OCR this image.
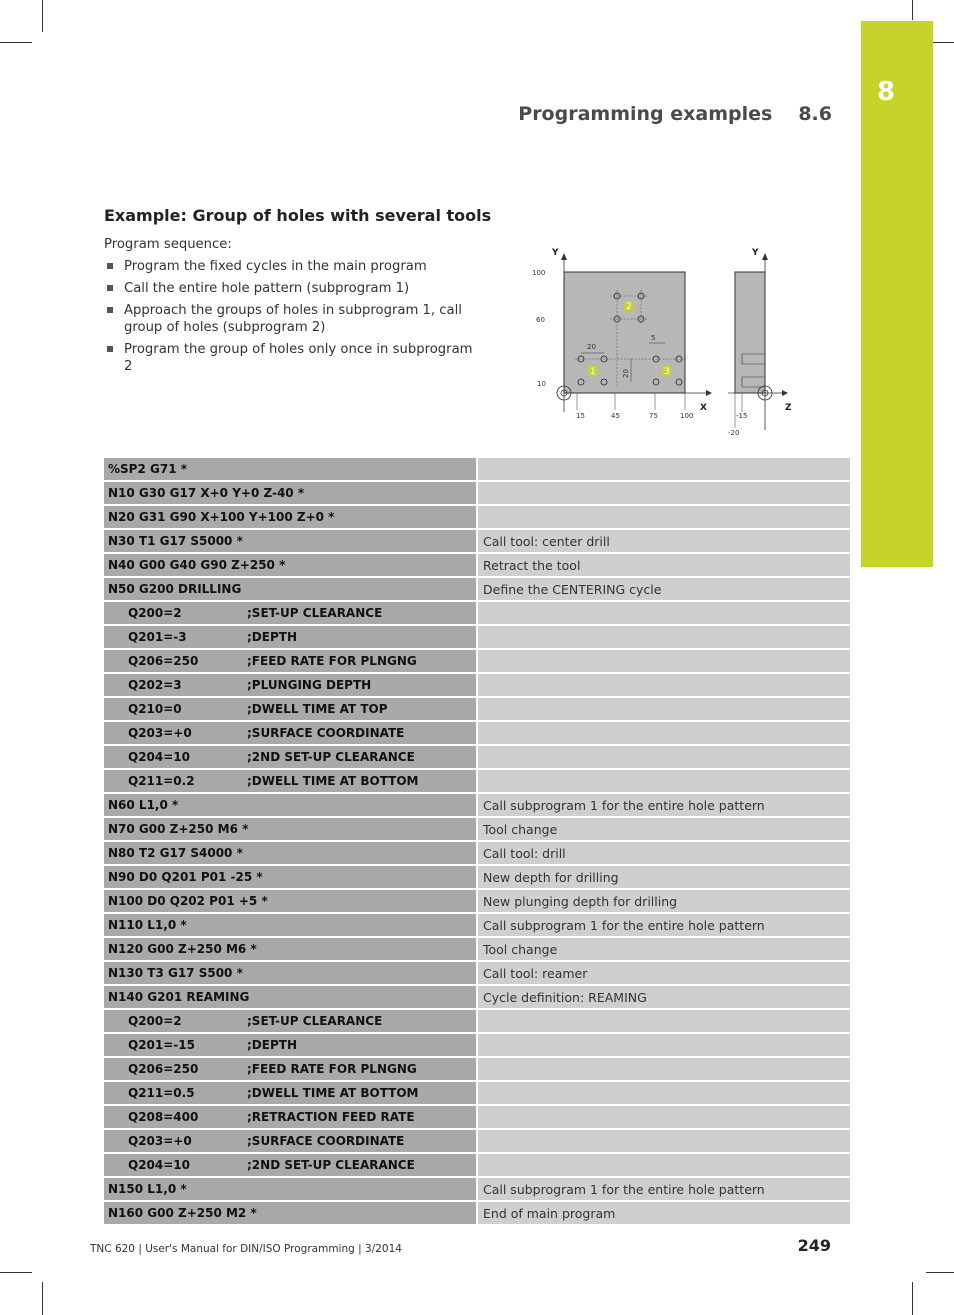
8
Programming examples 8.6
Example: Group of holes with several tools
Program sequence:
Program the fixed cycles in the main program
Call the entire hole pattern (subprogram 1)
Approach the groups of holes in subprogram 1, call group of holes (subprogram 2)
Program the group of holes only once in subprogram 2
Y
X
100
60
10
15	45	75	100
20
20
5
1
2
3
Y
Z
-15
-20
%SP2 G71 *	

N10 G30 G17 X+0 Y+0 Z-40 *	

N20 G31 G90 X+100 Y+100 Z+0 *	

N30 T1 G17 S5000 *	Call tool: center drill

N40 G00 G40 G90 Z+250 *	Retract the tool

N50 G200 DRILLING	Define the CENTERING cycle

Q200=2 ;SET-UP CLEARANCE	

Q201=-3 ;DEPTH	

Q206=250 ;FEED RATE FOR PLNGNG	

Q202=3 ;PLUNGING DEPTH	

Q210=0 ;DWELL TIME AT TOP	

Q203=+0 ;SURFACE COORDINATE	

Q204=10 ;2ND SET-UP CLEARANCE	

Q211=0.2 ;DWELL TIME AT BOTTOM	

N60 L1,0 *	Call subprogram 1 for the entire hole pattern

N70 G00 Z+250 M6 *	Tool change

N80 T2 G17 S4000 *	Call tool: drill

N90 D0 Q201 P01 -25 *	New depth for drilling

N100 D0 Q202 P01 +5 *	New plunging depth for drilling

N110 L1,0 *	Call subprogram 1 for the entire hole pattern

N120 G00 Z+250 M6 *	Tool change

N130 T3 G17 S500 *	Call tool: reamer

N140 G201 REAMING	Cycle definition: REAMING

Q200=2 ;SET-UP CLEARANCE	

Q201=-15 ;DEPTH	

Q206=250 ;FEED RATE FOR PLNGNG	

Q211=0.5 ;DWELL TIME AT BOTTOM	

Q208=400 ;RETRACTION FEED RATE	

Q203=+0 ;SURFACE COORDINATE	

Q204=10 ;2ND SET-UP CLEARANCE	

N150 L1,0 *	Call subprogram 1 for the entire hole pattern

N160 G00 Z+250 M2 *	End of main program
TNC 620 | User's Manual for DIN/ISO Programming | 3/2014	249
